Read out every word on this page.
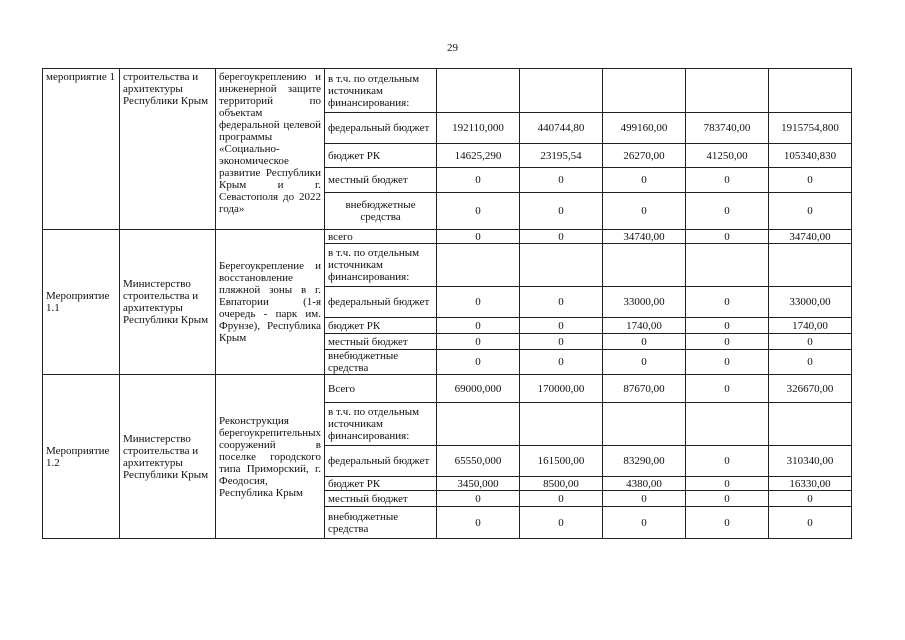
29
мероприятие 1	строительства и архитектуры Республики Крым	берегоукреплению и инженерной защите территорий по объектам федеральной целевой программы «Социально-экономическое развитие Республики Крым и г. Севастополя до 2022 года»	в т.ч. по отдельным источникам финансирования:					
			федеральный бюджет	192110,000	440744,80	499160,00	783740,00	1915754,800
			бюджет РК	14625,290	23195,54	26270,00	41250,00	105340,830
			местный бюджет	0	0	0	0	0
			внебюджетные средства	0	0	0	0	0
Мероприятие 1.1	Министерство строительства и архитектуры Республики Крым	Берегоукрепление и восстановление пляжной зоны в г. Евпатории (1-я очередь - парк им. Фрунзе), Республика Крым	всего	0	0	34740,00	0	34740,00
			в т.ч. по отдельным источникам финансирования:					
			федеральный бюджет	0	0	33000,00	0	33000,00
			бюджет РК	0	0	1740,00	0	1740,00
			местный бюджет	0	0	0	0	0
			внебюджетные средства	0	0	0	0	0
Мероприятие 1.2	Министерство строительства и архитектуры Республики Крым	Реконструкция берегоукрепительных сооружений в поселке городского типа Приморский, г. Феодосия, Республика Крым	Всего	69000,000	170000,00	87670,00	0	326670,00
			в т.ч. по отдельным источникам финансирования:					
			федеральный бюджет	65550,000	161500,00	83290,00	0	310340,00
			бюджет РК	3450,000	8500,00	4380,00	0	16330,00
			местный бюджет	0	0	0	0	0
			внебюджетные средства	0	0	0	0	0
